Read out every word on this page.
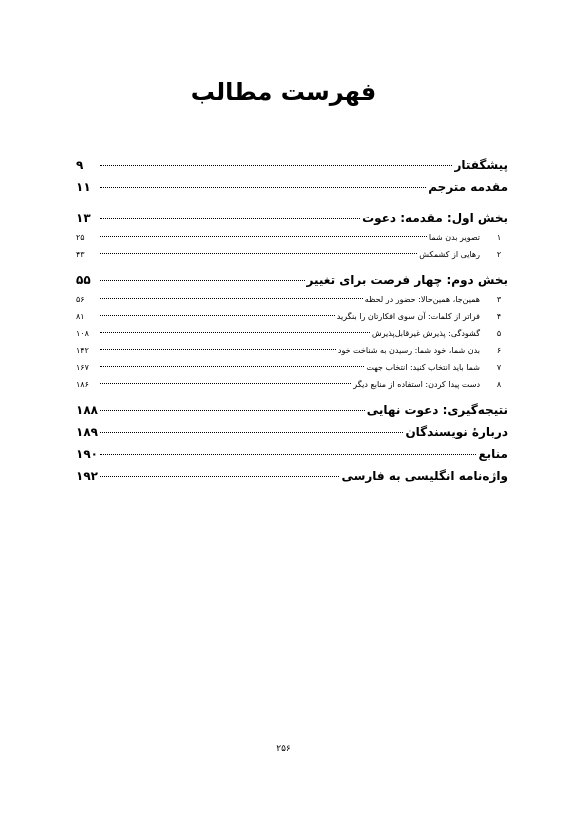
فهرست مطالب
پیشگفتار
۹
مقدمه مترجم
۱۱
بخش اول: مقدمه: دعوت
۱۳
۱
تصویر بدن شما
۲۵
۲
رهایی از کشمکش
۴۳
بخش دوم: چهار فرصت برای تغییر
۵۵
۳
همین‌جا، همین‌حالا: حضور در لحظه
۵۶
۴
فراتر از کلمات: آن سوی افکارتان را بنگرید
۸۱
۵
گشودگی: پذیرش غیرقابل‌پذیرش
۱۰۸
۶
بدن شما، خود شما: رسیدن به شناخت خود
۱۴۲
۷
شما باید انتخاب کنید: انتخاب جهت
۱۶۷
۸
دست پیدا کردن: استفاده از منابع دیگر
۱۸۶
نتیجه‌گیری: دعوت نهایی
۱۸۸
دربارهٔ نویسندگان
۱۸۹
منابع
۱۹۰
واژه‌نامه انگلیسی به فارسی
۱۹۲
۲۵۶
